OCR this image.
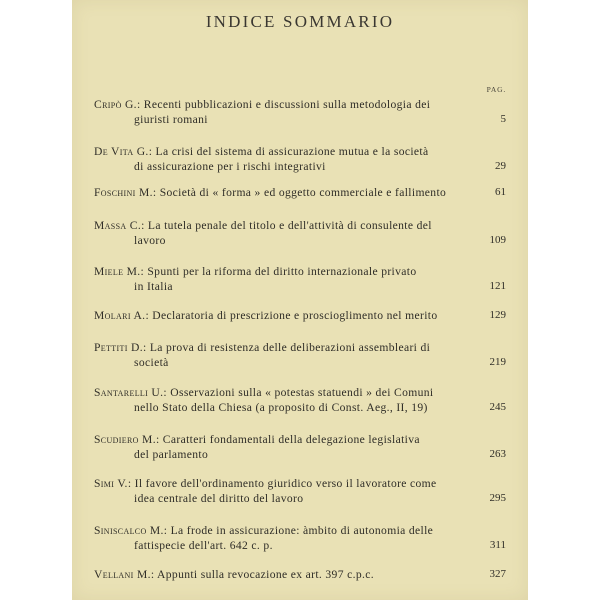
INDICE SOMMARIO
PAG.
Cripò G.: Recenti pubblicazioni e discussioni sulla metodologia dei
giuristi romani	5
De Vita G.: La crisi del sistema di assicurazione mutua e la società
di assicurazione per i rischi integrativi	29
Foschini M.: Società di « forma » ed oggetto commerciale e fallimento	61
Massa C.: La tutela penale del titolo e dell'attività di consulente del
lavoro	109
Miele M.: Spunti per la riforma del diritto internazionale privato
in Italia	121
Molari A.: Declaratoria di prescrizione e proscioglimento nel merito	129
Pettiti D.: La prova di resistenza delle deliberazioni assembleari di
società	219
Santarelli U.: Osservazioni sulla « potestas statuendi » dei Comuni
nello Stato della Chiesa (a proposito di Const. Aeg., II, 19)	245
Scudiero M.: Caratteri fondamentali della delegazione legislativa
del parlamento	263
Simi V.: Il favore dell'ordinamento giuridico verso il lavoratore come
idea centrale del diritto del lavoro	295
Siniscalco M.: La frode in assicurazione: àmbito di autonomia delle
fattispecie dell'art. 642 c. p.	311
Vellani M.: Appunti sulla revocazione ex art. 397 c.p.c.	327
